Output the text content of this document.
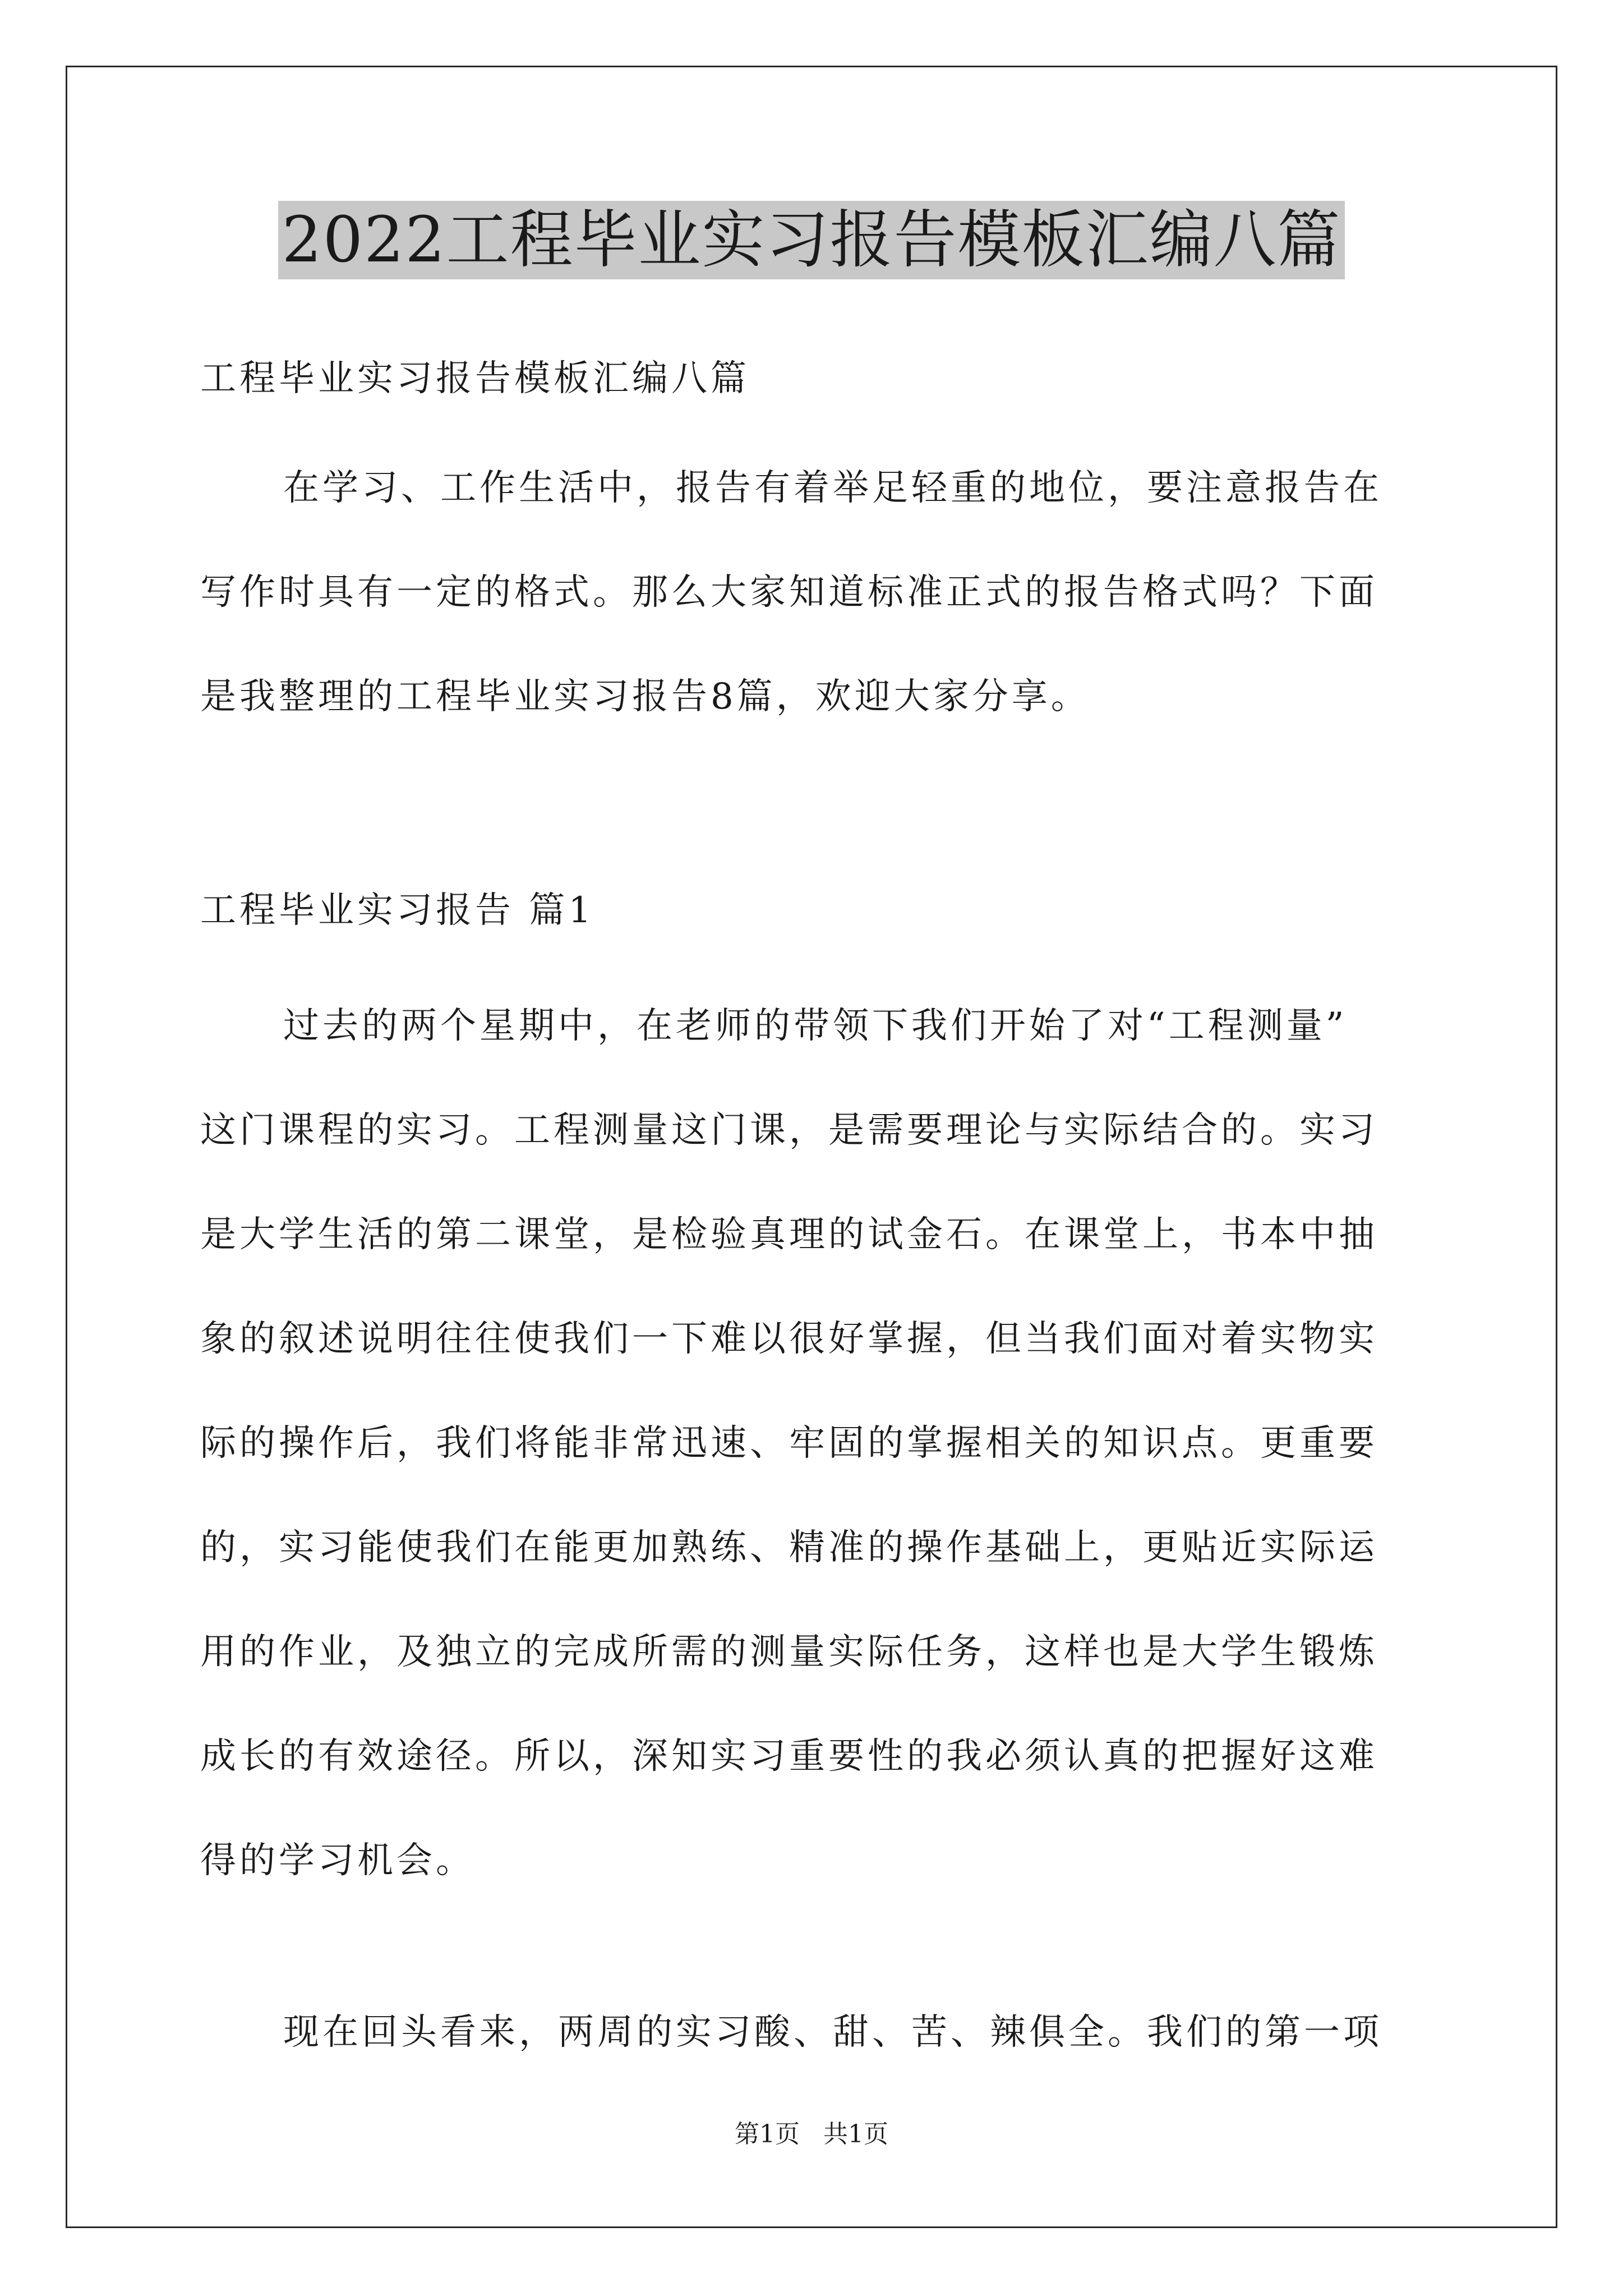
2022工程毕业实习报告模板汇编八篇

工程毕业实习报告模板汇编八篇

在学习、工作生活中，报告有着举足轻重的地位，要注意报告在
写作时具有一定的格式。那么大家知道标准正式的报告格式吗？下面
是我整理的工程毕业实习报告8篇，欢迎大家分享。

工程毕业实习报告 篇1

过去的两个星期中，在老师的带领下我们开始了对“工程测量”
这门课程的实习。工程测量这门课，是需要理论与实际结合的。实习
是大学生活的第二课堂，是检验真理的试金石。在课堂上，书本中抽
象的叙述说明往往使我们一下难以很好掌握，但当我们面对着实物实
际的操作后，我们将能非常迅速、牢固的掌握相关的知识点。更重要
的，实习能使我们在能更加熟练、精准的操作基础上，更贴近实际运
用的作业，及独立的完成所需的测量实际任务，这样也是大学生锻炼
成长的有效途径。所以，深知实习重要性的我必须认真的把握好这难
得的学习机会。
现在回头看来，两周的实习酸、甜、苦、辣俱全。我们的第一项
第1页   共1页
